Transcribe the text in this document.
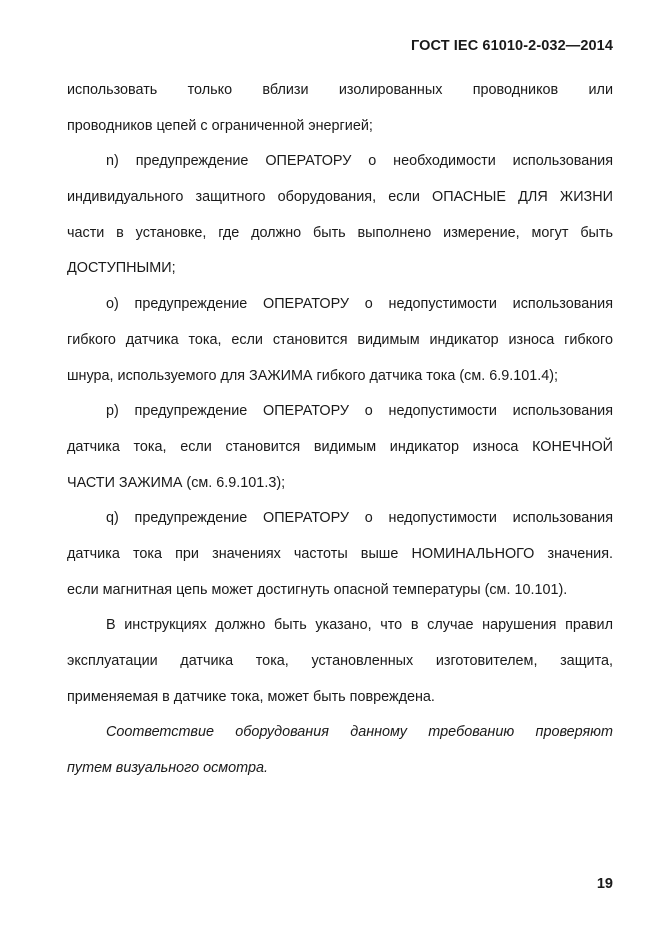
ГОСТ IEC 61010-2-032—2014
использовать только вблизи изолированных проводников или
проводников цепей с ограниченной энергией;
n) предупреждение ОПЕРАТОРУ о необходимости использования
индивидуального защитного оборудования, если ОПАСНЫЕ ДЛЯ ЖИЗНИ
части в установке, где должно быть выполнено измерение, могут быть
ДОСТУПНЫМИ;
o) предупреждение ОПЕРАТОРУ о недопустимости использования
гибкого датчика тока, если становится видимым индикатор износа гибкого
шнура, используемого для ЗАЖИМА гибкого датчика тока (см. 6.9.101.4);
p) предупреждение ОПЕРАТОРУ о недопустимости использования
датчика тока, если становится видимым индикатор износа КОНЕЧНОЙ
ЧАСТИ ЗАЖИМА (см. 6.9.101.3);
q) предупреждение ОПЕРАТОРУ о недопустимости использования
датчика тока при значениях частоты выше НОМИНАЛЬНОГО значения.
если магнитная цепь может достигнуть опасной температуры (см. 10.101).
В инструкциях должно быть указано, что в случае нарушения правил
эксплуатации датчика тока, установленных изготовителем, защита,
применяемая в датчике тока, может быть повреждена.
Соответствие оборудования данному требованию проверяют
путем визуального осмотра.
19
